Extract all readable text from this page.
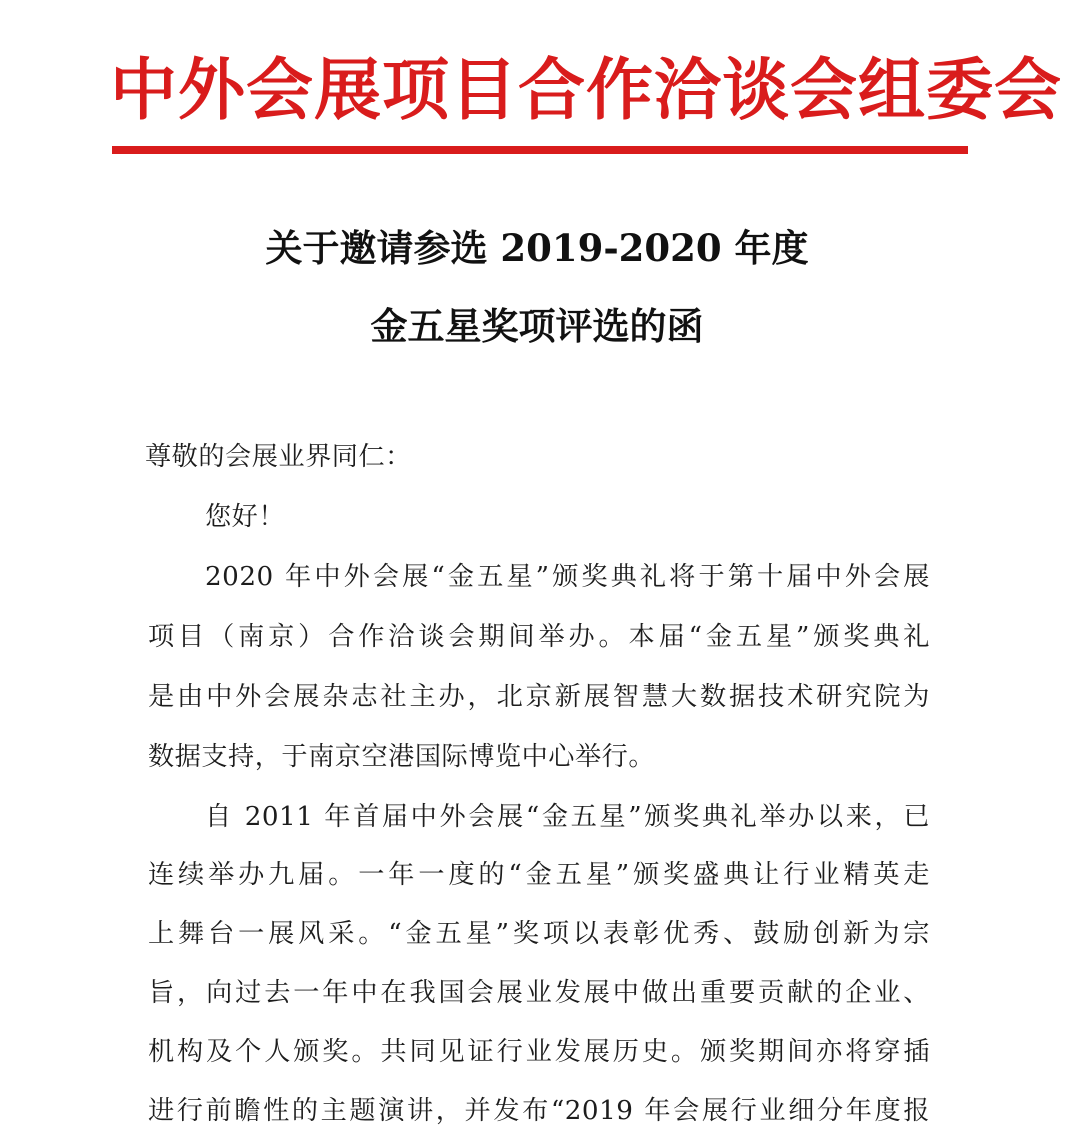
中外会展项目合作洽谈会组委会
关于邀请参选 2019-2020 年度
金五星奖项评选的函
尊敬的会展业界同仁：
您好！
2020 年中外会展“金五星”颁奖典礼将于第十届中外会展
项目（南京）合作洽谈会期间举办。本届“金五星”颁奖典礼
是由中外会展杂志社主办，北京新展智慧大数据技术研究院为
数据支持，于南京空港国际博览中心举行。
自 2011 年首届中外会展“金五星”颁奖典礼举办以来，已
连续举办九届。一年一度的“金五星”颁奖盛典让行业精英走
上舞台一展风采。“金五星”奖项以表彰优秀、鼓励创新为宗
旨，向过去一年中在我国会展业发展中做出重要贡献的企业、
机构及个人颁奖。共同见证行业发展历史。颁奖期间亦将穿插
进行前瞻性的主题演讲，并发布“2019 年会展行业细分年度报
